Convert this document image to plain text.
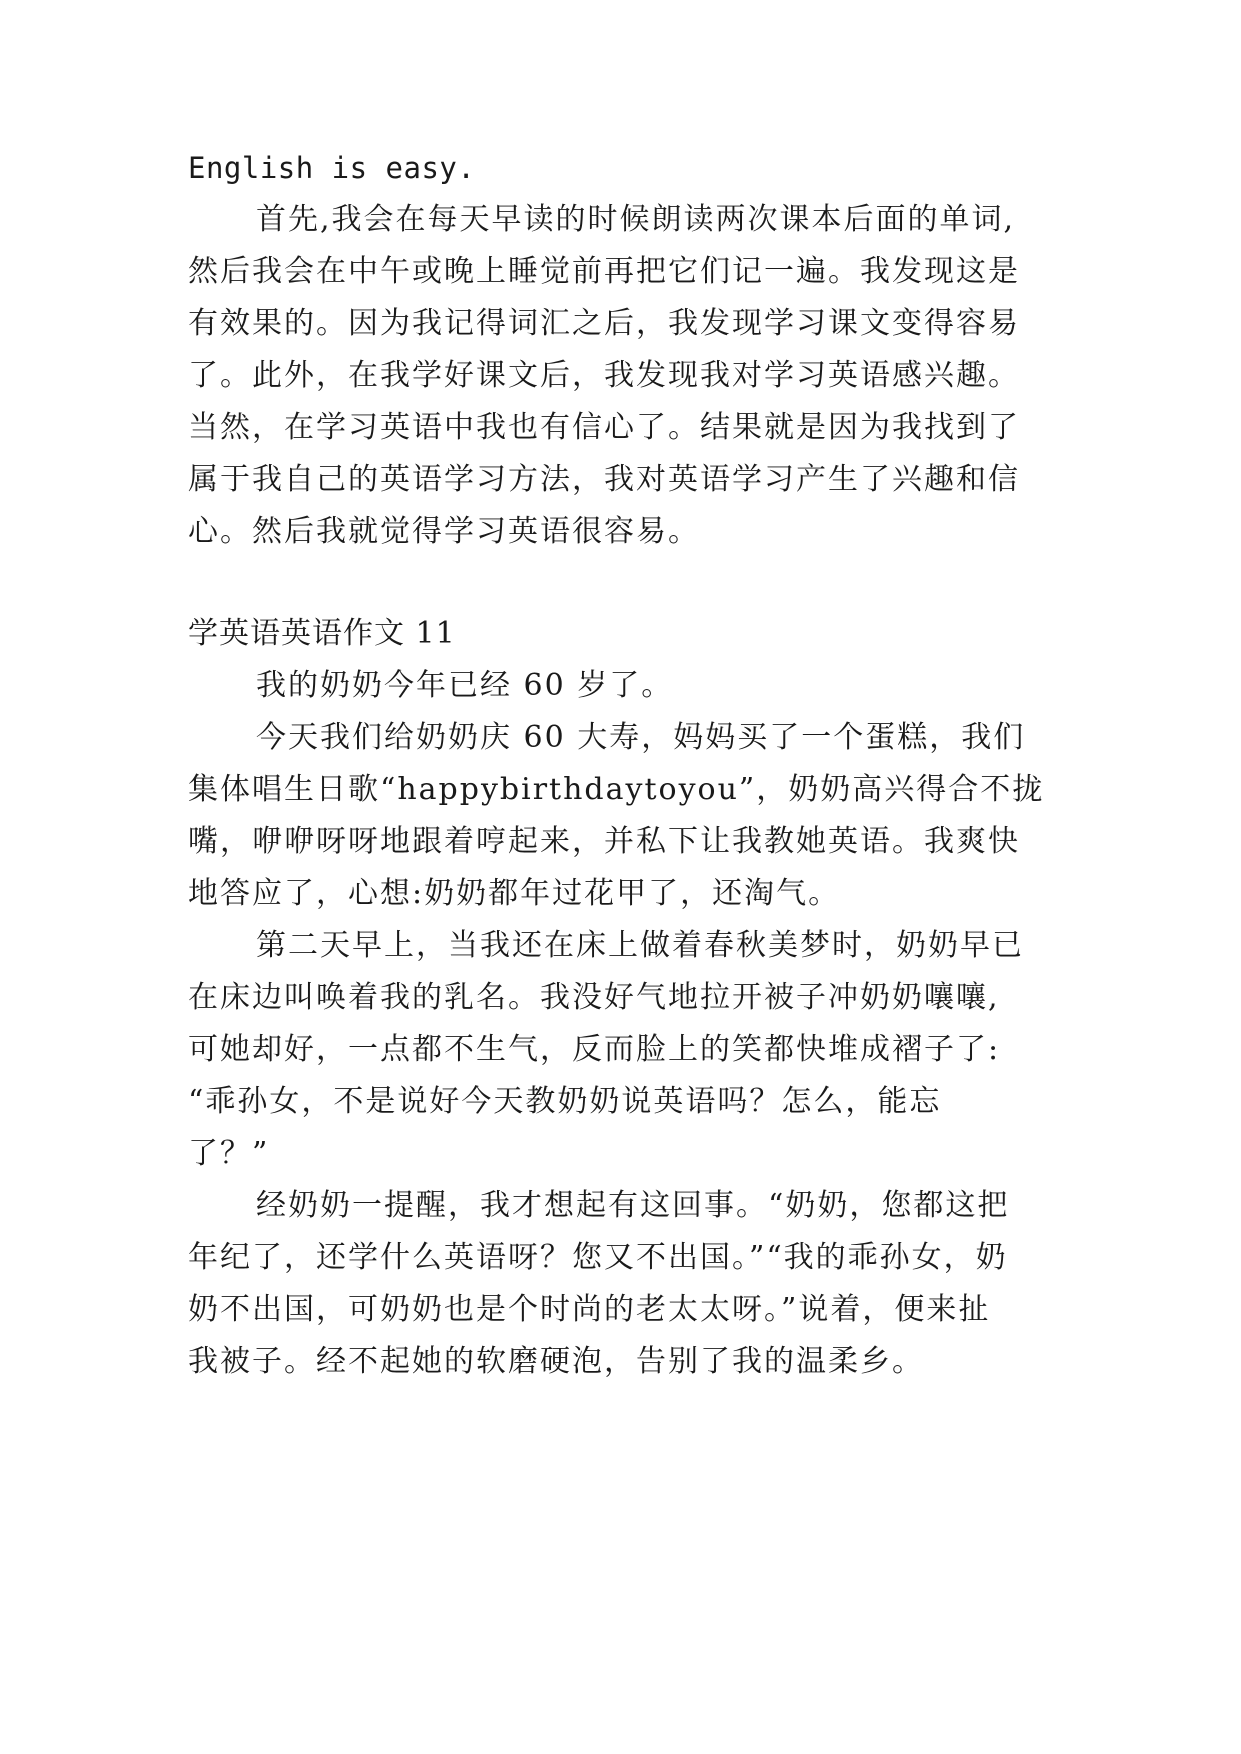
English is easy.
首先,我会在每天早读的时候朗读两次课本后面的单词,
然后我会在中午或晚上睡觉前再把它们记一遍。我发现这是
有效果的。因为我记得词汇之后，我发现学习课文变得容易
了。此外，在我学好课文后，我发现我对学习英语感兴趣。
当然，在学习英语中我也有信心了。结果就是因为我找到了
属于我自己的英语学习方法，我对英语学习产生了兴趣和信
心。然后我就觉得学习英语很容易。
学英语英语作文 11
我的奶奶今年已经 60 岁了。
今天我们给奶奶庆 60 大寿，妈妈买了一个蛋糕，我们
集体唱生日歌“happybirthdaytoyou”，奶奶高兴得合不拢
嘴，咿咿呀呀地跟着哼起来，并私下让我教她英语。我爽快
地答应了，心想:奶奶都年过花甲了，还淘气。
第二天早上，当我还在床上做着春秋美梦时，奶奶早已
在床边叫唤着我的乳名。我没好气地拉开被子冲奶奶嚷嚷,
可她却好，一点都不生气，反而脸上的笑都快堆成褶子了:
“乖孙女，不是说好今天教奶奶说英语吗？怎么，能忘
了？”
经奶奶一提醒，我才想起有这回事。“奶奶，您都这把
年纪了，还学什么英语呀？您又不出国。”“我的乖孙女，奶
奶不出国，可奶奶也是个时尚的老太太呀。”说着，便来扯
我被子。经不起她的软磨硬泡，告别了我的温柔乡。
